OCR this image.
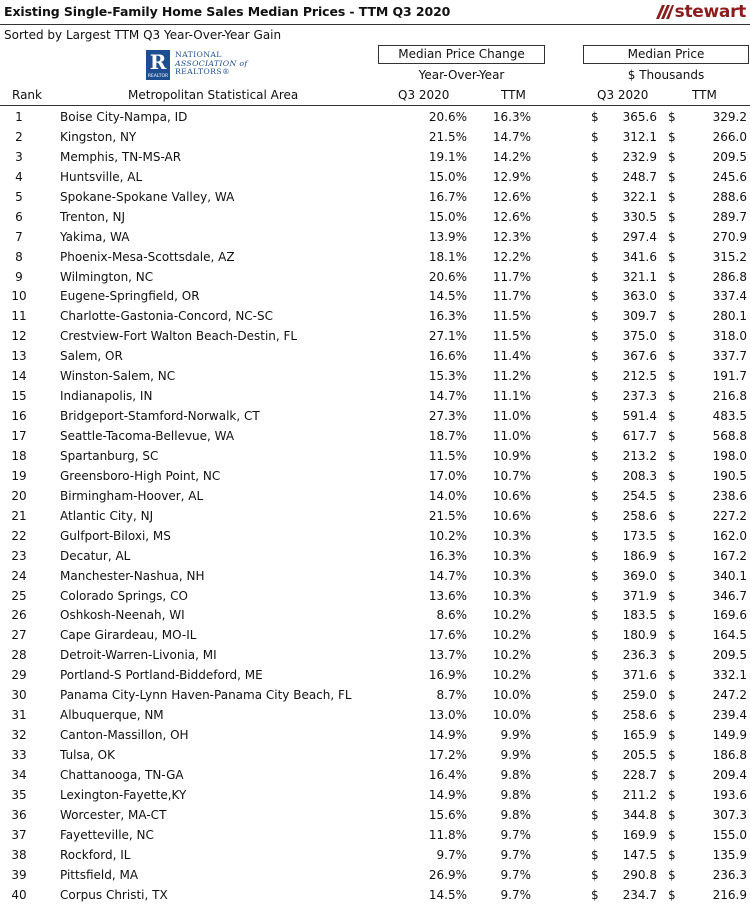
Existing Single-Family Home Sales Median Prices - TTM Q3 2020	stewart
Sorted by Largest TTM Q3 Year-Over-Year Gain
R
REALTOR
NATIONAL
ASSOCIATION of
REALTORS®
Median Price Change	Median Price
Year-Over-Year	$ Thousands
Rank	Metropolitan Statistical Area	Q3 2020	TTM	Q3 2020	TTM
1	Boise City-Nampa, ID	20.6% 16.3%	$ 365.6 $	329.2
2	Kingston, NY	21.5% 14.7%	$ 312.1 $	266.0
3	Memphis, TN-MS-AR	19.1% 14.2%	$ 232.9 $	209.5
4	Huntsville, AL	15.0% 12.9%	$ 248.7 $	245.6
5	Spokane-Spokane Valley, WA	16.7% 12.6%	$ 322.1 $	288.6
6	Trenton, NJ	15.0% 12.6%	$ 330.5 $	289.7
7	Yakima, WA	13.9% 12.3%	$ 297.4 $	270.9
8	Phoenix-Mesa-Scottsdale, AZ	18.1% 12.2%	$ 341.6 $	315.2
9	Wilmington, NC	20.6% 11.7%	$ 321.1 $	286.8
10	Eugene-Springfield, OR	14.5% 11.7%	$ 363.0 $	337.4
11	Charlotte-Gastonia-Concord, NC-SC	16.3% 11.5%	$ 309.7 $	280.1
12	Crestview-Fort Walton Beach-Destin, FL	27.1% 11.5%	$ 375.0 $	318.0
13	Salem, OR	16.6% 11.4%	$ 367.6 $	337.7
14	Winston-Salem, NC	15.3% 11.2%	$ 212.5 $	191.7
15	Indianapolis, IN	14.7% 11.1%	$ 237.3 $	216.8
16	Bridgeport-Stamford-Norwalk, CT	27.3% 11.0%	$ 591.4 $	483.5
17	Seattle-Tacoma-Bellevue, WA	18.7% 11.0%	$ 617.7 $	568.8
18	Spartanburg, SC	11.5% 10.9%	$ 213.2 $	198.0
19	Greensboro-High Point, NC	17.0% 10.7%	$ 208.3 $	190.5
20	Birmingham-Hoover, AL	14.0% 10.6%	$ 254.5 $	238.6
21	Atlantic City, NJ	21.5% 10.6%	$ 258.6 $	227.2
22	Gulfport-Biloxi, MS	10.2% 10.3%	$ 173.5 $	162.0
23	Decatur, AL	16.3% 10.3%	$ 186.9 $	167.2
24	Manchester-Nashua, NH	14.7% 10.3%	$ 369.0 $	340.1
25	Colorado Springs, CO	13.6% 10.3%	$ 371.9 $	346.7
26	Oshkosh-Neenah, WI	8.6% 10.2%	$ 183.5 $	169.6
27	Cape Girardeau, MO-IL	17.6% 10.2%	$ 180.9 $	164.5
28	Detroit-Warren-Livonia, MI	13.7% 10.2%	$ 236.3 $	209.5
29	Portland-S Portland-Biddeford, ME	16.9% 10.2%	$ 371.6 $	332.1
30	Panama City-Lynn Haven-Panama City Beach, FL	8.7% 10.0%	$ 259.0 $	247.2
31	Albuquerque, NM	13.0% 10.0%	$ 258.6 $	239.4
32	Canton-Massillon, OH	14.9%	9.9%	$ 165.9 $	149.9
33	Tulsa, OK	17.2%	9.9%	$ 205.5 $	186.8
34	Chattanooga, TN-GA	16.4%	9.8%	$ 228.7 $	209.4
35	Lexington-Fayette,KY	14.9%	9.8%	$ 211.2 $	193.6
36	Worcester, MA-CT	15.6%	9.8%	$ 344.8 $	307.3
37	Fayetteville, NC	11.8%	9.7%	$ 169.9 $	155.0
38	Rockford, IL	9.7%	9.7%	$ 147.5 $	135.9
39	Pittsfield, MA	26.9%	9.7%	$ 290.8 $	236.3
40	Corpus Christi, TX	14.5%	9.7%	$ 234.7 $	216.9
